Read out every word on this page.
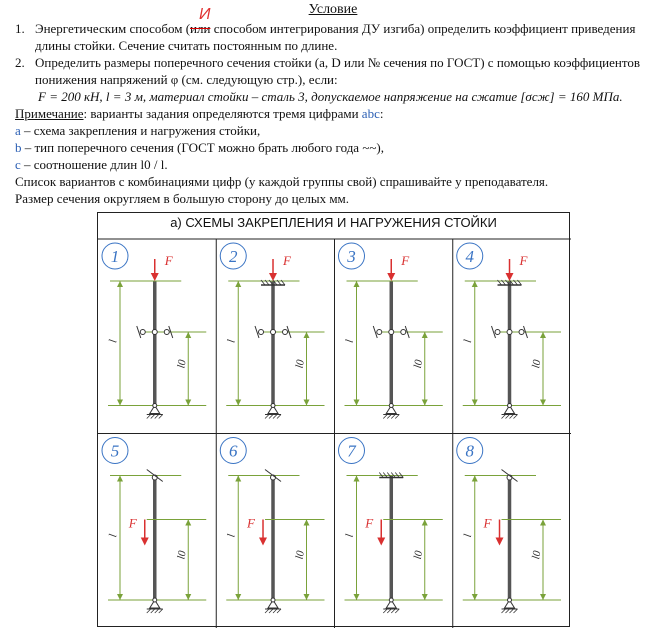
Условие
И
1. Энергетическим способом (или способом интегрирования ДУ изгиба) определить коэффициент приведения
длины стойки. Сечение считать постоянным по длине.
2. Определить размеры поперечного сечения стойки (a, D или № сечения по ГОСТ) с помощью коэффициентов
понижения напряжений φ (см. следующую стр.), если:
F = 200 кН, l = 3 м, материал стойки – сталь 3, допускаемое напряжение на сжатие [σсж] = 160 МПа.
Примечание: варианты задания определяются тремя цифрами abc:
a – схема закрепления и нагружения стойки,
b – тип поперечного сечения (ГОСТ можно брать любого года ~~),
c – соотношение длин l0 / l.
Список вариантов с комбинациями цифр (у каждой группы свой) спрашивайте у преподавателя.
Размер сечения округляем в большую сторону до целых мм.
а) СХЕМЫ ЗАКРЕПЛЕНИЯ И НАГРУЖЕНИЯ СТОЙКИ
1
l
l0
F	2
l
l0
F	3
l
l0
F	4
l
l0
F
5
l
l0
F
6
l
l0
F
7
l
l0
F
8
l
l0
F
